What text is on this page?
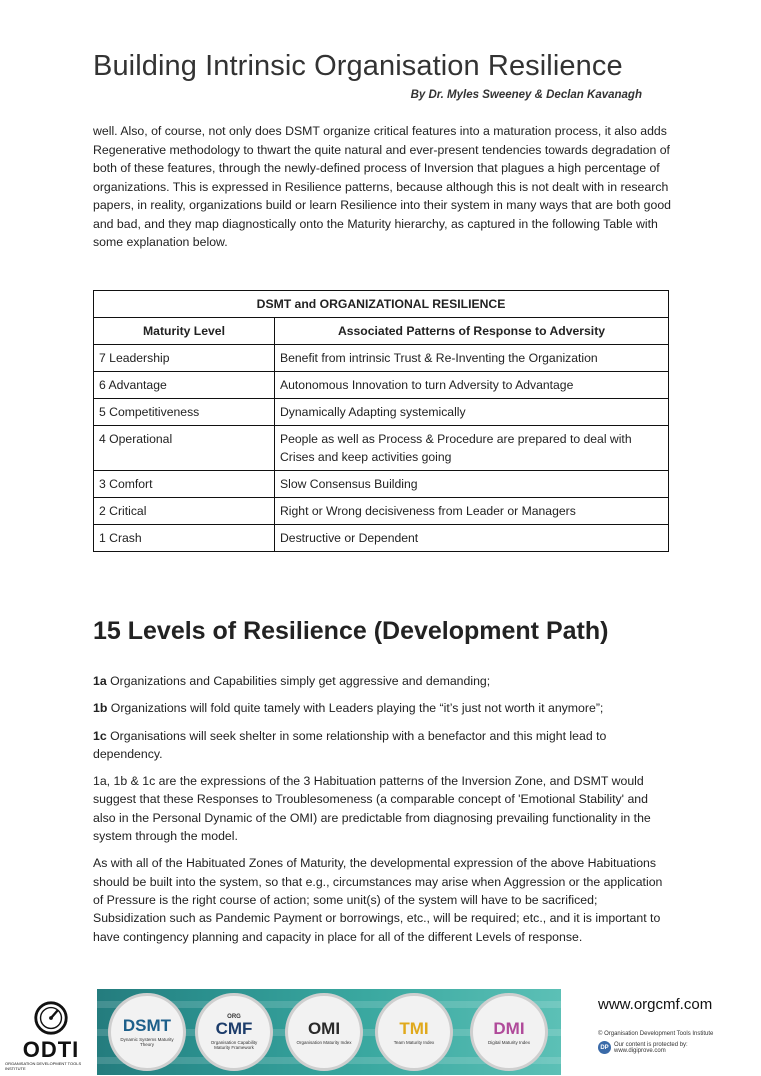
Building Intrinsic Organisation Resilience
By Dr. Myles Sweeney & Declan Kavanagh

well. Also, of course, not only does DSMT organize critical features into a maturation process, it also adds Regenerative methodology to thwart the quite natural and ever-present tendencies towards degradation of both of these features, through the newly-defined process of Inversion that plagues a high percentage of organizations. This is expressed in Resilience patterns, because although this is not dealt with in research papers, in reality, organizations build or learn Resilience into their system in many ways that are both good and bad, and they map diagnostically onto the Maturity hierarchy, as captured in the following Table with some explanation below.

DSMT and ORGANIZATIONAL RESILIENCE	
Maturity Level	Associated Patterns of Response to Adversity
7 Leadership	Benefit from intrinsic Trust & Re-Inventing the Organization
6 Advantage	Autonomous Innovation to turn Adversity to Advantage
5 Competitiveness	Dynamically Adapting systemically
4 Operational	People as well as Process & Procedure are prepared to deal with Crises and keep activities going
3 Comfort	Slow Consensus Building
2 Critical	Right or Wrong decisiveness from Leader or Managers
1 Crash	Destructive or Dependent
15 Levels of Resilience (Development Path)

1a Organizations and Capabilities simply get aggressive and demanding;

1b Organizations will fold quite tamely with Leaders playing the “it’s just not worth it anymore”;

1c Organisations will seek shelter in some relationship with a benefactor and this might lead to dependency.

1a, 1b & 1c are the expressions of the 3 Habituation patterns of the Inversion Zone, and DSMT would suggest that these Responses to Troublesomeness (a comparable concept of 'Emotional Stability' and also in the Personal Dynamic of the OMI) are predictable from diagnosing prevailing functionality in the system through the model.

As with all of the Habituated Zones of Maturity, the developmental expression of the above Habituations should be built into the system, so that e.g., circumstances may arise when Aggression or the application of Pressure is the right course of action; some unit(s) of the system will have to be sacrificed; Subsidization such as Pandemic Payment or borrowings, etc., will be required; etc., and it is important to have contingency planning and capacity in place for all of the different Levels of response.

ODTI
ORGANISATION DEVELOPMENT TOOLS INSTITUTE
DSMT
Dynamic Systems Maturity Theory
ORG
CMF
Organisation Capability Maturity Framework
OMI
Organisation Maturity Index
TMI
Team Maturity Index
DMI
Digital Maturity Index
www.orgcmf.com
© Organisation Development Tools Institute
DP Our content is protected by:
www.digiprove.com
